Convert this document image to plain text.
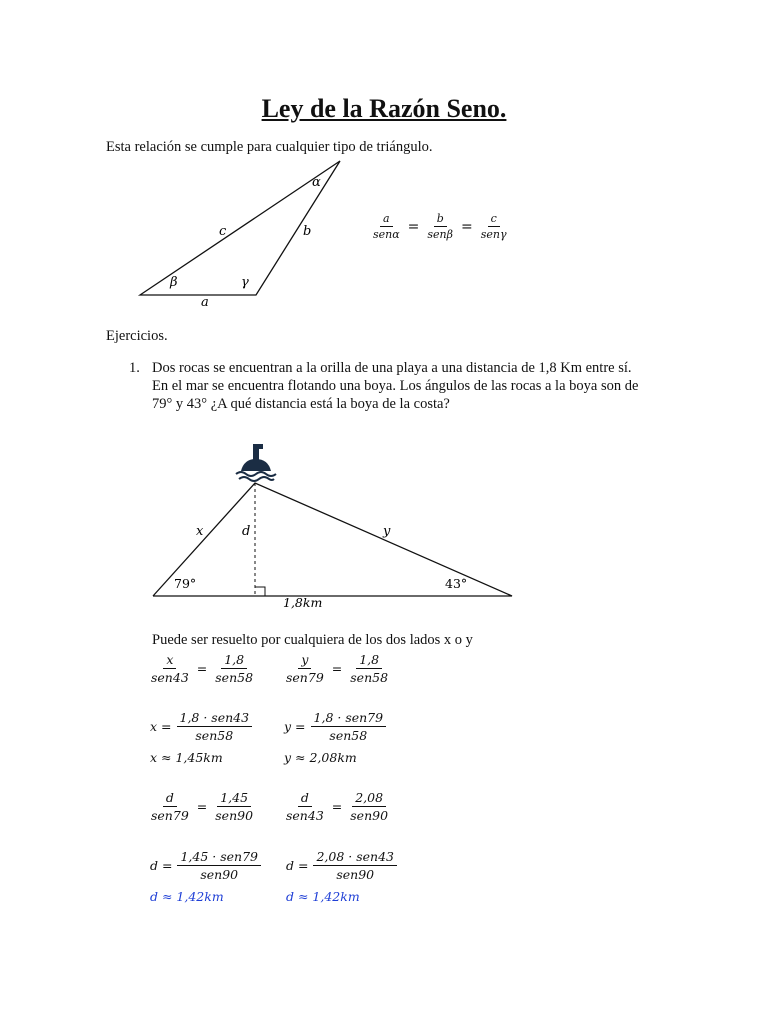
Ley de la Razón Seno.
Esta relación se cumple para cualquier tipo de triángulo.
α
c	b
β	γ
a
$\frac{a}{\text{senα}} = \frac{b}{\text{senβ}} = \frac{c}{\text{senγ}}$
Ejercicios.
1. Dos rocas se encuentran a la orilla de una playa a una distancia de 1,8 Km entre sí.
En el mar se encuentra flotando una boya. Los ángulos de las rocas a la boya son de
79° y 43° ¿A qué distancia está la boya de la costa?
x	d	y
79°	43°
1,8km
Puede ser resuelto por cualquiera de los dos lados x o y
$\frac{x}{\text{sen43}} = \frac{1,8}{\text{sen58}} \frac{y}{\text{sen79}} = \frac{1,8}{\text{sen58}}$
$x = \frac{\text{1,8 · sen43}}{\text{sen58}}$
x ≈ 1,45km
$y = \frac{\text{1,8 · sen79}}{\text{sen58}}$
y ≈ 2,08km
$\frac{d}{\text{sen79}} = \frac{1,45}{\text{sen90}} \frac{d}{\text{sen43}} = \frac{2,08}{\text{sen90}}$
$d = \frac{\text{1,45 · sen79}}{\text{sen90}}$
d ≈ 1,42km
$d = \frac{\text{2,08 · sen43}}{\text{sen90}}$
d ≈ 1,42km
